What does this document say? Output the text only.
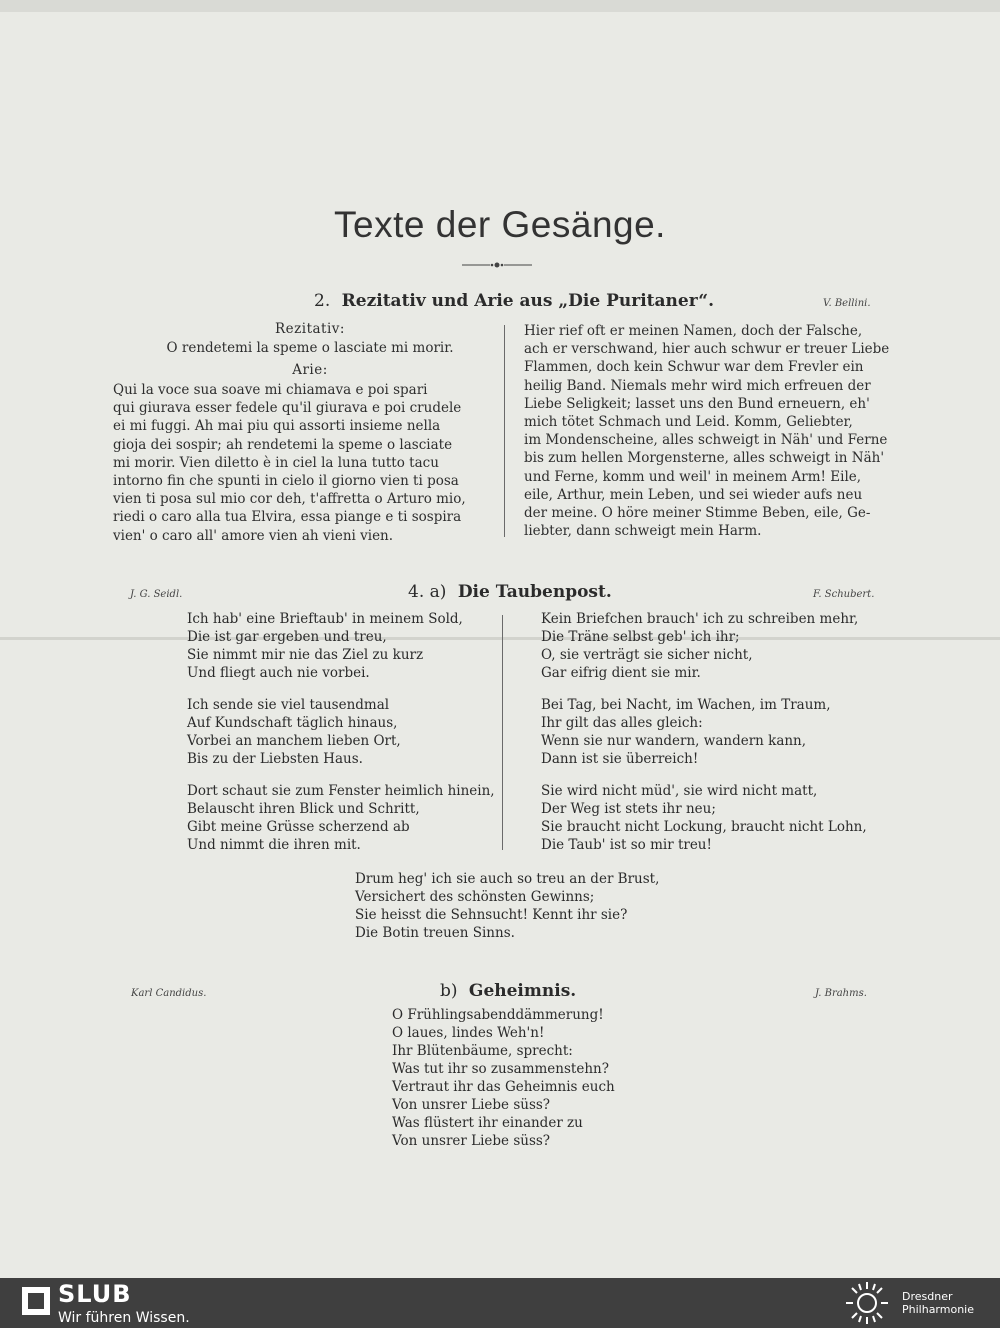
Texte der Gesänge.
2. Rezitativ und Arie aus „Die Puritaner“.	V. Bellini.
Rezitativ:
O rendetemi la speme o lasciate mi morir.
Arie:
Qui la voce sua soave mi chiamava e poi spari
qui giurava esser fedele qu'il giurava e poi crudele
ei mi fuggi. Ah mai piu qui assorti insieme nella
gioja dei sospir; ah rendetemi la speme o lasciate
mi morir. Vien diletto è in ciel la luna tutto tacu
intorno fin che spunti in cielo il giorno vien ti posa
vien ti posa sul mio cor deh, t'affretta o Arturo mio,
riedi o caro alla tua Elvira, essa piange e ti sospira
vien' o caro all' amore vien ah vieni vien.
Hier rief oft er meinen Namen, doch der Falsche,
ach er verschwand, hier auch schwur er treuer Liebe
Flammen, doch kein Schwur war dem Frevler ein
heilig Band. Niemals mehr wird mich erfreuen der
Liebe Seligkeit; lasset uns den Bund erneuern, eh'
mich tötet Schmach und Leid. Komm, Geliebter,
im Mondenscheine, alles schweigt in Näh' und Ferne
bis zum hellen Morgensterne, alles schweigt in Näh'
und Ferne, komm und weil' in meinem Arm! Eile,
eile, Arthur, mein Leben, und sei wieder aufs neu
der meine. O höre meiner Stimme Beben, eile, Ge-
liebter, dann schweigt mein Harm.
J. G. Seidl.	4. a) Die Taubenpost.	F. Schubert.
Ich hab' eine Brieftaub' in meinem Sold,
Die ist gar ergeben und treu,
Sie nimmt mir nie das Ziel zu kurz
Und fliegt auch nie vorbei.
Ich sende sie viel tausendmal
Auf Kundschaft täglich hinaus,
Vorbei an manchem lieben Ort,
Bis zu der Liebsten Haus.
Dort schaut sie zum Fenster heimlich hinein,
Belauscht ihren Blick und Schritt,
Gibt meine Grüsse scherzend ab
Und nimmt die ihren mit.
Kein Briefchen brauch' ich zu schreiben mehr,
Die Träne selbst geb' ich ihr;
O, sie verträgt sie sicher nicht,
Gar eifrig dient sie mir.
Bei Tag, bei Nacht, im Wachen, im Traum,
Ihr gilt das alles gleich:
Wenn sie nur wandern, wandern kann,
Dann ist sie überreich!
Sie wird nicht müd', sie wird nicht matt,
Der Weg ist stets ihr neu;
Sie braucht nicht Lockung, braucht nicht Lohn,
Die Taub' ist so mir treu!
Drum heg' ich sie auch so treu an der Brust,
Versichert des schönsten Gewinns;
Sie heisst die Sehnsucht! Kennt ihr sie?
Die Botin treuen Sinns.
Karl Candidus.	b) Geheimnis.	J. Brahms.
O Frühlingsabenddämmerung!
O laues, lindes Weh'n!
Ihr Blütenbäume, sprecht:
Was tut ihr so zusammenstehn?
Vertraut ihr das Geheimnis euch
Von unsrer Liebe süss?
Was flüstert ihr einander zu
Von unsrer Liebe süss?
SLUB
Wir führen Wissen.
Dresdner
Philharmonie
